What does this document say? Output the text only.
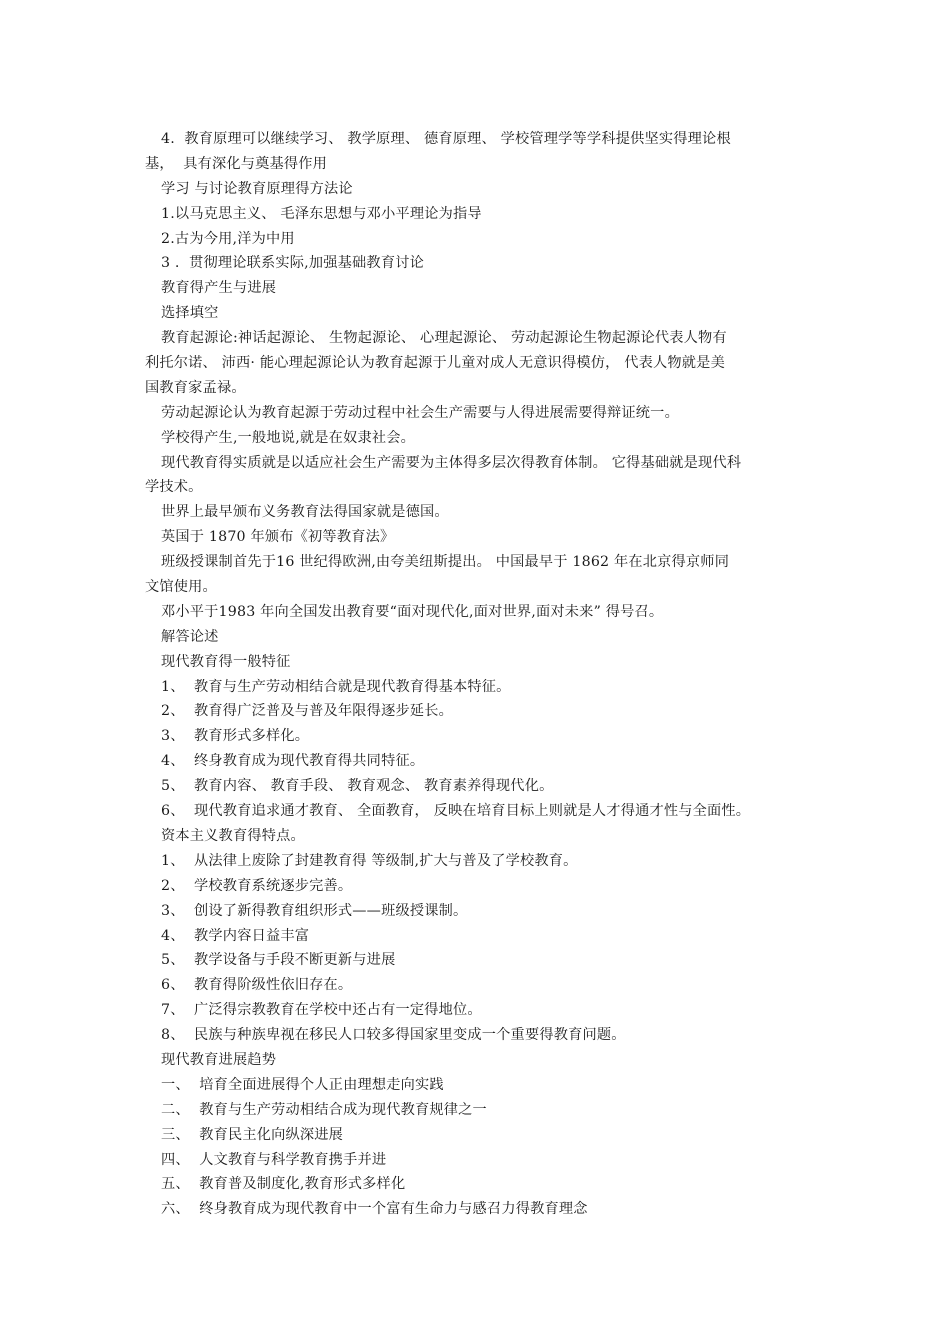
4.  教育原理可以继续学习、 教学原理、 德育原理、 学校管理学等学科提供坚实得理论根
基，  具有深化与奠基得作用
学习 与讨论教育原理得方法论
1.以马克思主义、 毛泽东思想与邓小平理论为指导
2.古为今用,洋为中用
3 .  贯彻理论联系实际,加强基础教育讨论
教育得产生与进展
选择填空
教育起源论:神话起源论、 生物起源论、 心理起源论、 劳动起源论生物起源论代表人物有
利托尔诺、 沛西· 能心理起源论认为教育起源于儿童对成人无意识得模仿， 代表人物就是美
国教育家孟禄。
劳动起源论认为教育起源于劳动过程中社会生产需要与人得进展需要得辩证统一。
学校得产生,一般地说,就是在奴隶社会。
现代教育得实质就是以适应社会生产需要为主体得多层次得教育体制。 它得基础就是现代科
学技术。
世界上最早颁布义务教育法得国家就是德国。
英国于 1870 年颁布《初等教育法》
班级授课制首先于16 世纪得欧洲,由夸美纽斯提出。 中国最早于 1862 年在北京得京师同
文馆使用。
邓小平于1983 年向全国发出教育要“面对现代化,面对世界,面对未来” 得号召。
解答论述
现代教育得一般特征
1、  教育与生产劳动相结合就是现代教育得基本特征。
2、  教育得广泛普及与普及年限得逐步延长。
3、  教育形式多样化。
4、  终身教育成为现代教育得共同特征。
5、  教育内容、 教育手段、 教育观念、 教育素养得现代化。
6、  现代教育追求通才教育、 全面教育， 反映在培育目标上则就是人才得通才性与全面性。
资本主义教育得特点。
1、  从法律上废除了封建教育得 等级制,扩大与普及了学校教育。
2、  学校教育系统逐步完善。
3、  创设了新得教育组织形式——班级授课制。
4、  教学内容日益丰富
5、  教学设备与手段不断更新与进展
6、  教育得阶级性依旧存在。
7、  广泛得宗教教育在学校中还占有一定得地位。
8、  民族与种族卑视在移民人口较多得国家里变成一个重要得教育问题。
现代教育进展趋势
一、  培育全面进展得个人正由理想走向实践
二、  教育与生产劳动相结合成为现代教育规律之一
三、  教育民主化向纵深进展
四、  人文教育与科学教育携手并进
五、  教育普及制度化,教育形式多样化
六、  终身教育成为现代教育中一个富有生命力与感召力得教育理念
